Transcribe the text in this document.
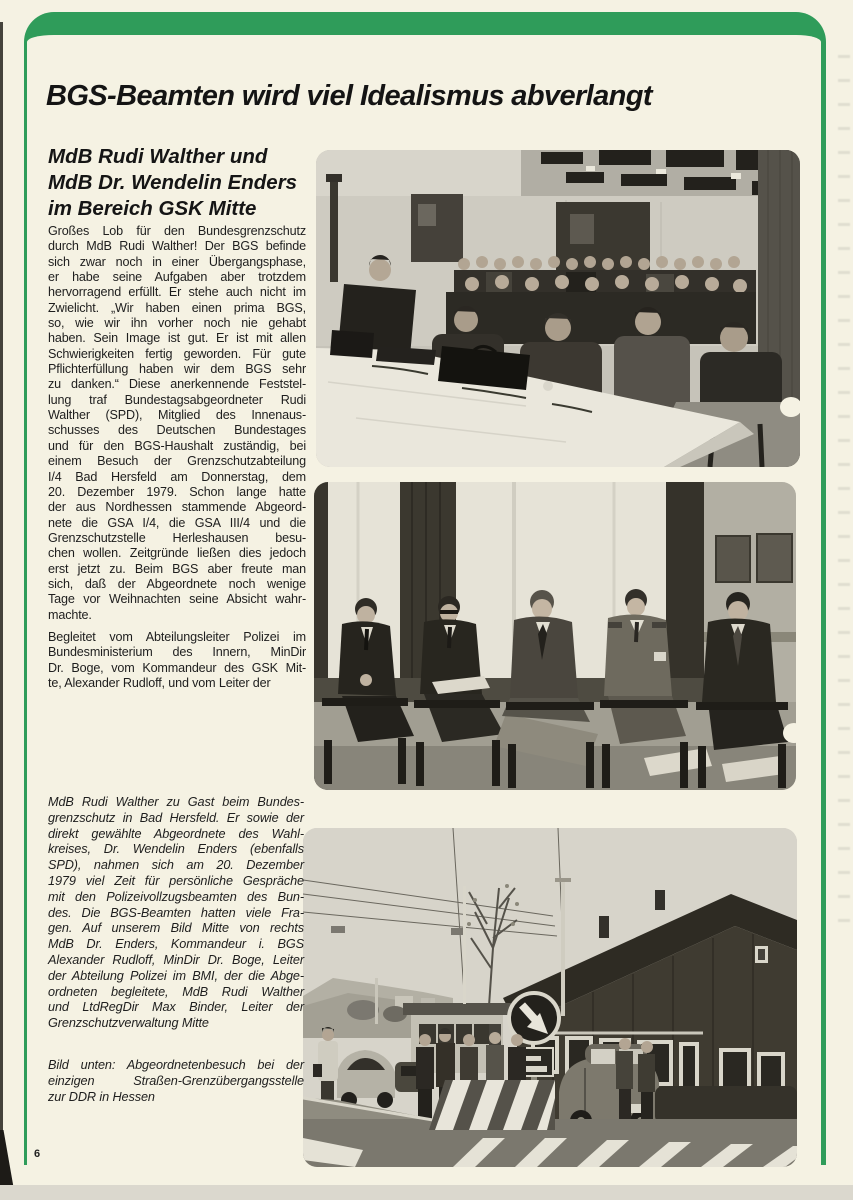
BGS-Beamten wird viel Idealismus abverlangt
MdB Rudi Walther und
MdB Dr. Wendelin Enders
im Bereich GSK Mitte
Großes Lob für den Bundesgrenzschutz
durch MdB Rudi Walther! Der BGS befinde
sich zwar noch in einer Übergangsphase,
er habe seine Aufgaben aber trotzdem
hervorragend erfüllt. Er stehe auch nicht im
Zwielicht. „Wir haben einen prima BGS,
so, wie wir ihn vorher noch nie gehabt
haben. Sein Image ist gut. Er ist mit allen
Schwierigkeiten fertig geworden. Für gute
Pflichterfüllung haben wir dem BGS sehr
zu danken.“ Diese anerkennende Feststel-
lung traf Bundestagsabgeordneter Rudi
Walther (SPD), Mitglied des Innenaus-
schusses des Deutschen Bundestages
und für den BGS-Haushalt zuständig, bei
einem Besuch der Grenzschutzabteilung
I/4 Bad Hersfeld am Donnerstag, dem
20. Dezember 1979. Schon lange hatte
der aus Nordhessen stammende Abgeord-
nete die GSA I/4, die GSA III/4 und die
Grenzschutzstelle Herleshausen besu-
chen wollen. Zeitgründe ließen dies jedoch
erst jetzt zu. Beim BGS aber freute man
sich, daß der Abgeordnete noch wenige
Tage vor Weihnachten seine Absicht wahr-
machte.
Begleitet vom Abteilungsleiter Polizei im
Bundesministerium des Innern, MinDir
Dr. Boge, vom Kommandeur des GSK Mit-
te, Alexander Rudloff, und vom Leiter der
MdB Rudi Walther zu Gast beim Bundes-
grenzschutz in Bad Hersfeld. Er sowie der
direkt gewählte Abgeordnete des Wahl-
kreises, Dr. Wendelin Enders (ebenfalls
SPD), nahmen sich am 20. Dezember
1979 viel Zeit für persönliche Gespräche
mit den Polizeivollzugsbeamten des Bun-
des. Die BGS-Beamten hatten viele Fra-
gen. Auf unserem Bild Mitte von rechts
MdB Dr. Enders, Kommandeur i. BGS
Alexander Rudloff, MinDir Dr. Boge, Leiter
der Abteilung Polizei im BMI, der die Abge-
ordneten begleitete, MdB Rudi Walther
und LtdRegDir Max Binder, Leiter der
Grenzschutzverwaltung Mitte
Bild unten: Abgeordnetenbesuch bei der
einzigen Straßen-Grenzübergangsstelle
zur DDR in Hessen
6
